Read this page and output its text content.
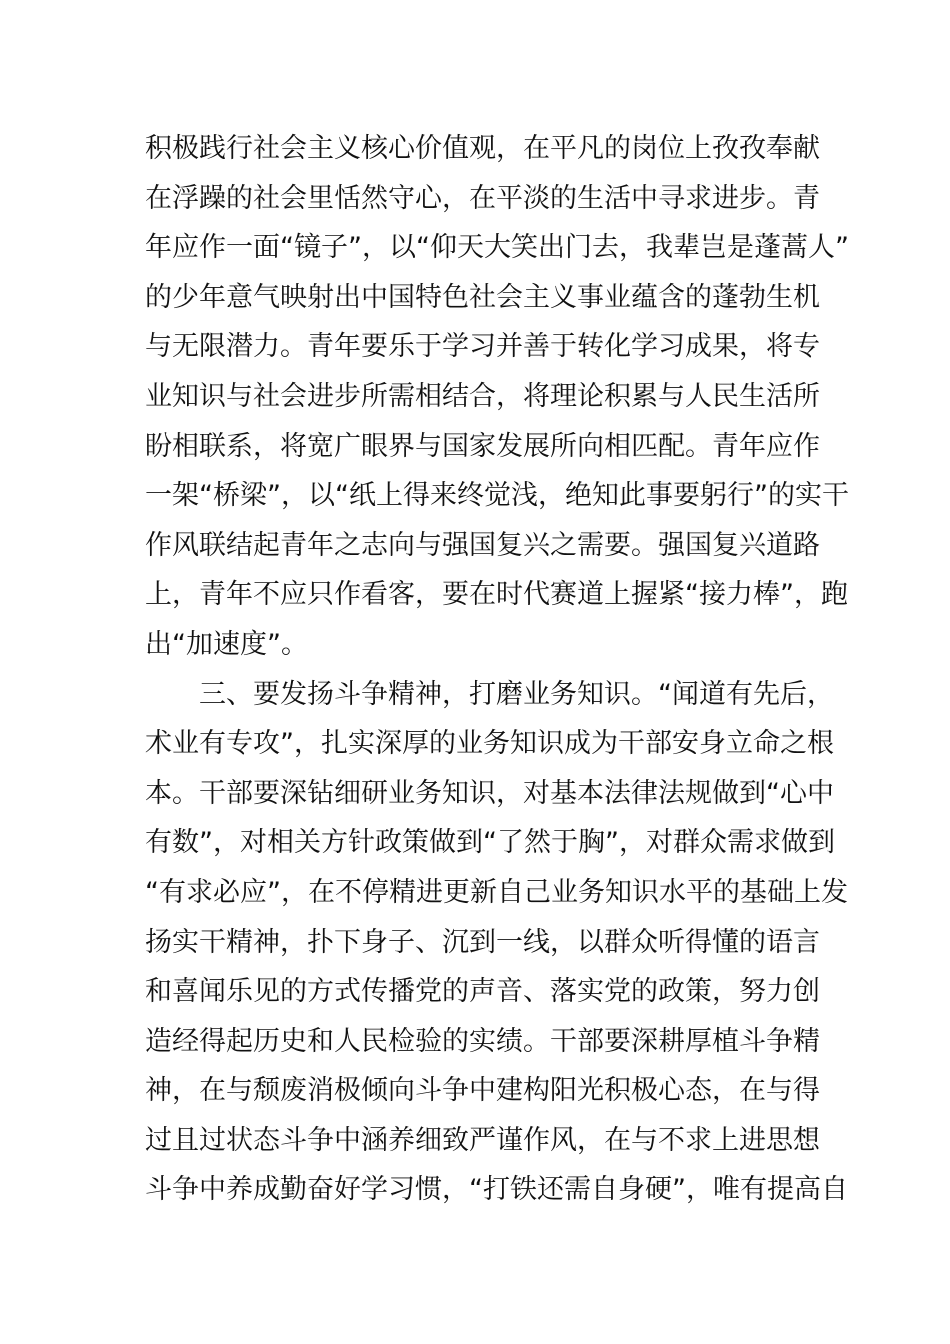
积极践行社会主义核心价值观，在平凡的岗位上孜孜奉献
在浮躁的社会里恬然守心，在平淡的生活中寻求进步。青
年应作一面“镜子”，以“仰天大笑出门去，我辈岂是蓬蒿人”
的少年意气映射出中国特色社会主义事业蕴含的蓬勃生机
与无限潜力。青年要乐于学习并善于转化学习成果，将专
业知识与社会进步所需相结合，将理论积累与人民生活所
盼相联系，将宽广眼界与国家发展所向相匹配。青年应作
一架“桥梁”，以“纸上得来终觉浅，绝知此事要躬行”的实干
作风联结起青年之志向与强国复兴之需要。强国复兴道路
上，青年不应只作看客，要在时代赛道上握紧“接力棒”，跑
出“加速度”。
三、要发扬斗争精神，打磨业务知识。“闻道有先后，
术业有专攻”，扎实深厚的业务知识成为干部安身立命之根
本。干部要深钻细研业务知识，对基本法律法规做到“心中
有数”，对相关方针政策做到“了然于胸”，对群众需求做到
“有求必应”，在不停精进更新自己业务知识水平的基础上发
扬实干精神，扑下身子、沉到一线，以群众听得懂的语言
和喜闻乐见的方式传播党的声音、落实党的政策，努力创
造经得起历史和人民检验的实绩。干部要深耕厚植斗争精
神，在与颓废消极倾向斗争中建构阳光积极心态，在与得
过且过状态斗争中涵养细致严谨作风，在与不求上进思想
斗争中养成勤奋好学习惯，“打铁还需自身硬”，唯有提高自
